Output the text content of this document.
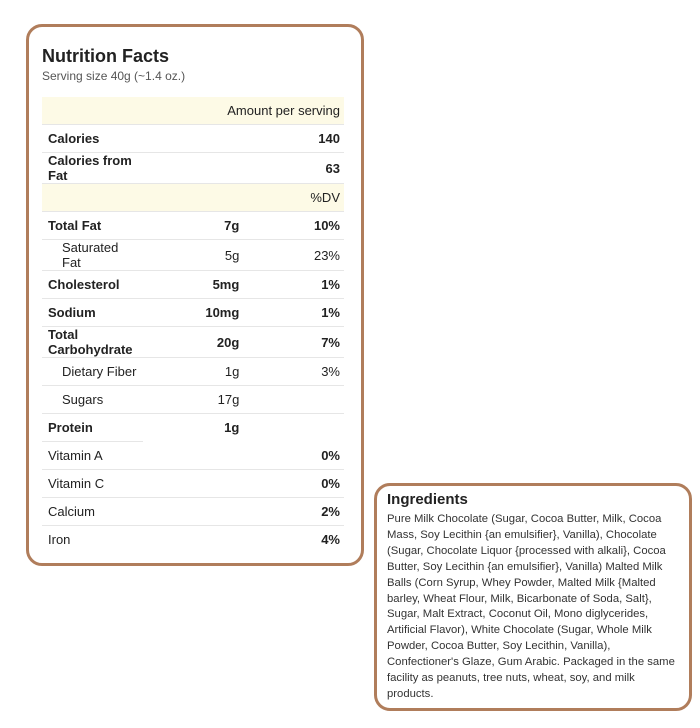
Nutrition Facts
Serving size 40g (~1.4 oz.)
Amount per serving		
Calories	140	
Calories from Fat	63	
%DV		
Total Fat	7g	10%
Saturated Fat	5g	23%
Cholesterol	5mg	1%
Sodium	10mg	1%
Total Carbohydrate	20g	7%
Dietary Fiber	1g	3%
Sugars	17g	
Protein	1g	
Vitamin A		0%
Vitamin C		0%
Calcium		2%
Iron		4%
Ingredients
Pure Milk Chocolate (Sugar, Cocoa Butter, Milk, Cocoa Mass, Soy Lecithin {an emulsifier}, Vanilla), Chocolate (Sugar, Chocolate Liquor {processed with alkali}, Cocoa Butter, Soy Lecithin {an emulsifier}, Vanilla) Malted Milk Balls (Corn Syrup, Whey Powder, Malted Milk {Malted barley, Wheat Flour, Milk, Bicarbonate of Soda, Salt}, Sugar, Malt Extract, Coconut Oil, Mono diglycerides, Artificial Flavor), White Chocolate (Sugar, Whole Milk Powder, Cocoa Butter, Soy Lecithin, Vanilla), Confectioner's Glaze, Gum Arabic. Packaged in the same facility as peanuts, tree nuts, wheat, soy, and milk products.
